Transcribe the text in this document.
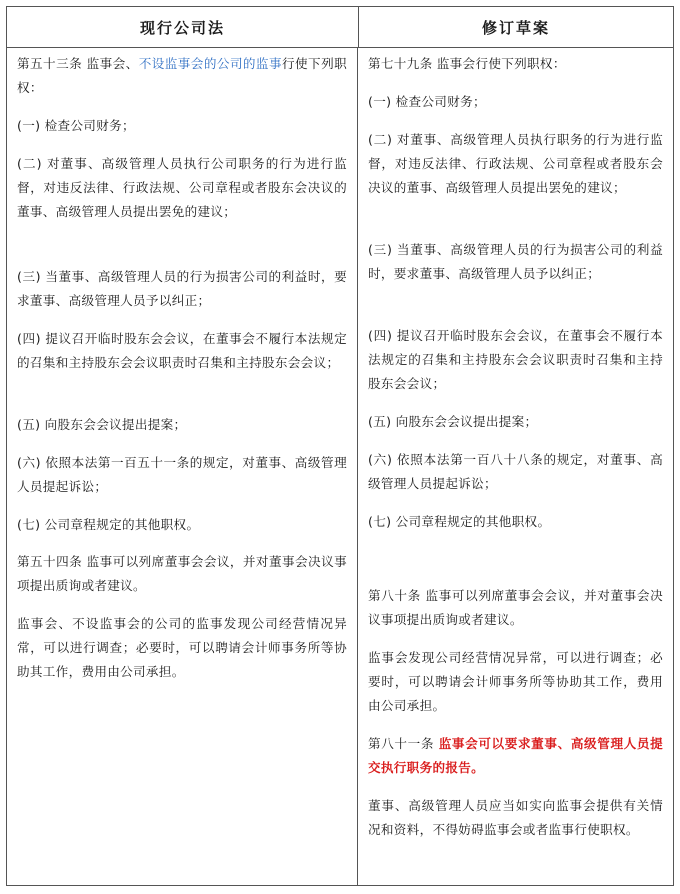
现行公司法	修订草案

第五十三条 监事会、不设监事会的公司的监事行使下列职权：

(一) 检查公司财务；

(二) 对董事、高级管理人员执行公司职务的行为进行监督，对违反法律、行政法规、公司章程或者股东会决议的董事、高级管理人员提出罢免的建议；

(三) 当董事、高级管理人员的行为损害公司的利益时，要求董事、高级管理人员予以纠正；

(四) 提议召开临时股东会会议，在董事会不履行本法规定的召集和主持股东会会议职责时召集和主持股东会会议；

(五) 向股东会会议提出提案；

(六) 依照本法第一百五十一条的规定，对董事、高级管理人员提起诉讼；

(七) 公司章程规定的其他职权。

第五十四条 监事可以列席董事会会议，并对董事会决议事项提出质询或者建议。

监事会、不设监事会的公司的监事发现公司经营情况异常，可以进行调查；必要时，可以聘请会计师事务所等协助其工作，费用由公司承担。

第七十九条 监事会行使下列职权：

(一) 检查公司财务；

(二) 对董事、高级管理人员执行职务的行为进行监督，对违反法律、行政法规、公司章程或者股东会决议的董事、高级管理人员提出罢免的建议；

(三) 当董事、高级管理人员的行为损害公司的利益时，要求董事、高级管理人员予以纠正；

(四) 提议召开临时股东会会议，在董事会不履行本法规定的召集和主持股东会会议职责时召集和主持股东会会议；

(五) 向股东会会议提出提案；

(六) 依照本法第一百八十八条的规定，对董事、高级管理人员提起诉讼；

(七) 公司章程规定的其他职权。

第八十条 监事可以列席董事会会议，并对董事会决议事项提出质询或者建议。

监事会发现公司经营情况异常，可以进行调查；必要时，可以聘请会计师事务所等协助其工作，费用由公司承担。

第八十一条 监事会可以要求董事、高级管理人员提交执行职务的报告。

董事、高级管理人员应当如实向监事会提供有关情况和资料，不得妨碍监事会或者监事行使职权。
